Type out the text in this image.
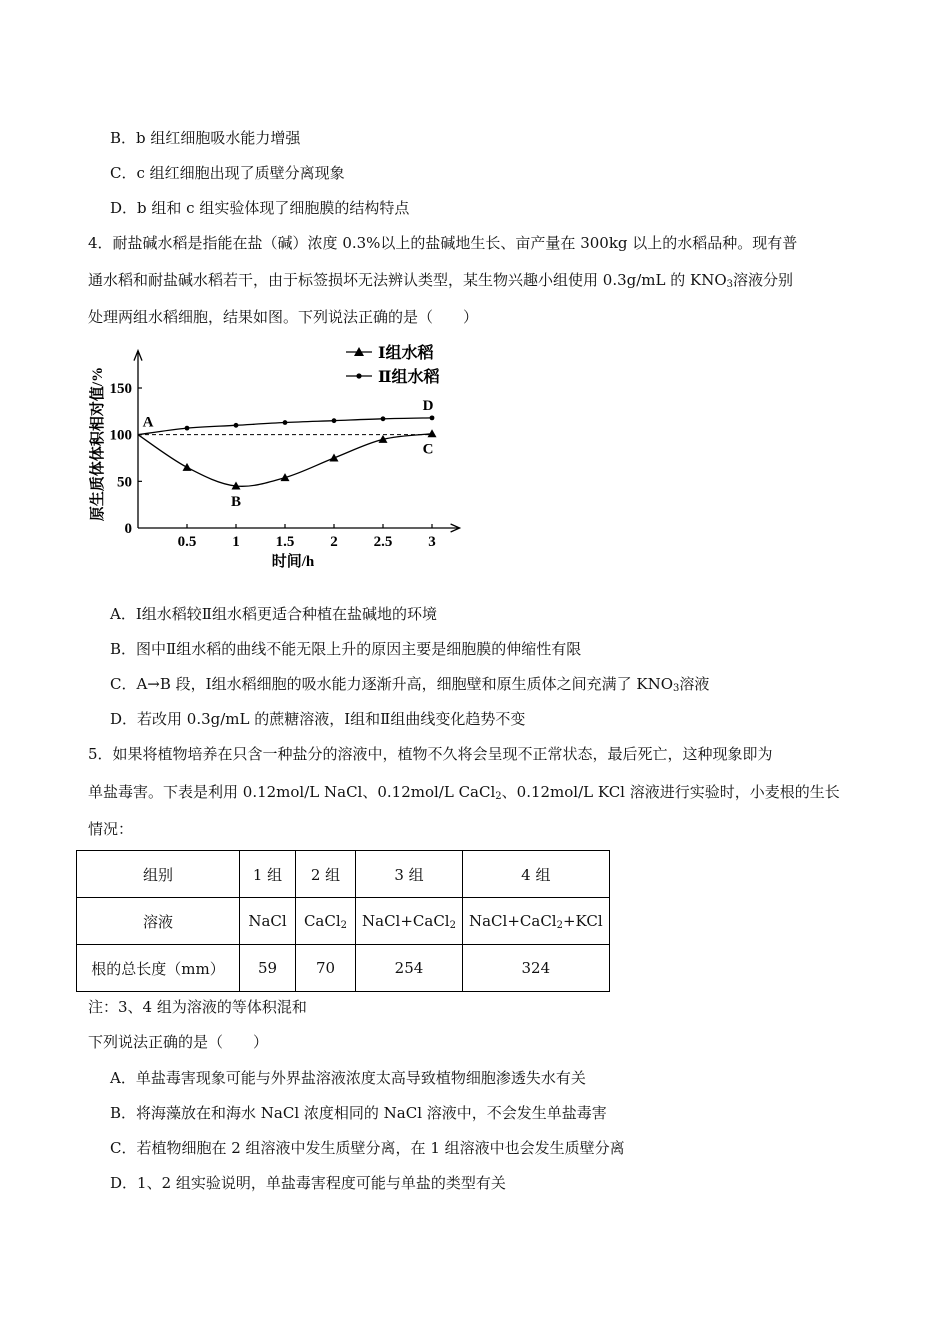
B．b 组红细胞吸水能力增强
C．c 组红细胞出现了质壁分离现象
D．b 组和 c 组实验体现了细胞膜的结构特点
4．耐盐碱水稻是指能在盐（碱）浓度 0.3%以上的盐碱地生长、亩产量在 300kg 以上的水稻品种。现有普
通水稻和耐盐碱水稻若干，由于标签损坏无法辨认类型，某生物兴趣小组使用 0.3g/mL 的 $KNO_3$溶液分别
处理两组水稻细胞，结果如图。下列说法正确的是（　　）
0.5 1 1.5 2 2.5 3
0
50
100
150
Ⅰ组水稻
Ⅱ组水稻
A
B
C
D
时间/h
原生质体体积相对值/%
A．Ⅰ组水稻较Ⅱ组水稻更适合种植在盐碱地的环境
B．图中Ⅱ组水稻的曲线不能无限上升的原因主要是细胞膜的伸缩性有限
C．A→B 段，Ⅰ组水稻细胞的吸水能力逐渐升高，细胞壁和原生质体之间充满了 $KNO_3$溶液
D．若改用 0.3g/mL 的蔗糖溶液，Ⅰ组和Ⅱ组曲线变化趋势不变
5．如果将植物培养在只含一种盐分的溶液中，植物不久将会呈现不正常状态，最后死亡，这种现象即为
单盐毒害。下表是利用 0.12mol/L NaCl、0.12mol/L CaCl$_2$、0.12mol/L KCl 溶液进行实验时，小麦根的生长
情况：
组别	1 组	2 组	3 组	4 组
溶液	NaCl	CaCl$_2$	NaCl+CaCl$_2$	NaCl+CaCl$_2$+KCl
根的总长度（mm）	59	70	254	324
注：3、4 组为溶液的等体积混和
下列说法正确的是（　　）
A．单盐毒害现象可能与外界盐溶液浓度太高导致植物细胞渗透失水有关
B．将海藻放在和海水 NaCl 浓度相同的 NaCl 溶液中，不会发生单盐毒害
C．若植物细胞在 2 组溶液中发生质壁分离，在 1 组溶液中也会发生质壁分离
D．1、2 组实验说明，单盐毒害程度可能与单盐的类型有关
